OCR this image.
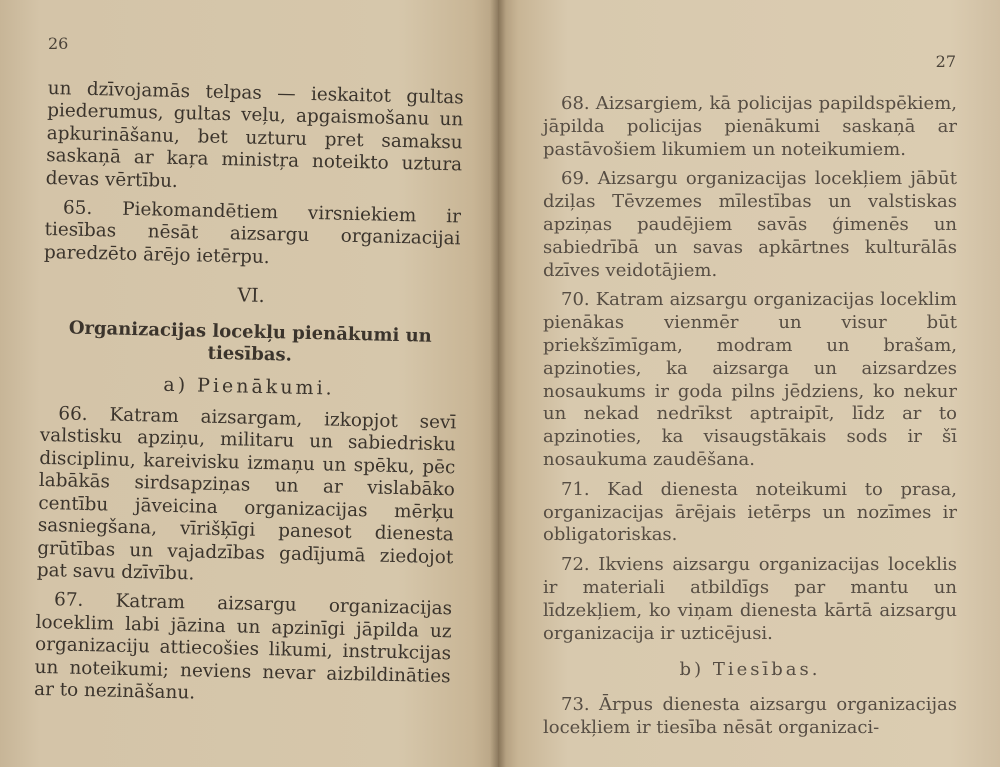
26

un dzīvojamās telpas — ieskaitot gultas piederumus, gultas veļu, apgaismošanu un apkurināšanu, bet uzturu pret samaksu saskaņā ar kaŗa ministŗa noteikto uztura devas vērtību.

65. Piekomandētiem virsniekiem ir tiesības nēsāt aizsargu organizacijai paredzēto ārējo ietērpu.

VI.

Organizacijas locekļu pienākumi un tiesības.

a) Pienākumi.

66. Katram aizsargam, izkopjot sevī valstisku apziņu, militaru un sabiedrisku disciplinu, kareivisku izmaņu un spēku, pēc labākās sirdsapziņas un ar vislabāko centību jāveicina organizacijas mērķu sasniegšana, vīrišķīgi panesot dienesta grūtības un vajadzības gadījumā ziedojot pat savu dzīvību.

67. Katram aizsargu organizacijas loceklim labi jāzina un apzinīgi jāpilda uz organizaciju attiecošies likumi, instrukcijas un noteikumi; neviens nevar aizbildināties ar to nezināšanu.

27

68. Aizsargiem, kā policijas papildspēkiem, jāpilda policijas pienākumi saskaņā ar pastāvošiem likumiem un noteikumiem.

69. Aizsargu organizacijas locekļiem jābūt dziļas Tēvzemes mīlestības un valstiskas apziņas paudējiem savās ģimenēs un sabiedrībā un savas apkārtnes kulturālās dzīves veidotājiem.

70. Katram aizsargu organizacijas loceklim pienākas vienmēr un visur būt priekšzīmīgam, modram un brašam, apzinoties, ka aizsarga un aizsardzes nosaukums ir goda pilns jēdziens, ko nekur un nekad nedrīkst aptraipīt, līdz ar to apzinoties, ka visaugstākais sods ir šī nosaukuma zaudēšana.

71. Kad dienesta noteikumi to prasa, organizacijas ārējais ietērps un nozīmes ir obligatoriskas.

72. Ikviens aizsargu organizacijas loceklis ir materiali atbildīgs par mantu un līdzekļiem, ko viņam dienesta kārtā aizsargu organizacija ir uzticējusi.

b) Tiesības.

73. Ārpus dienesta aizsargu organizacijas locekļiem ir tiesība nēsāt organizaci-
